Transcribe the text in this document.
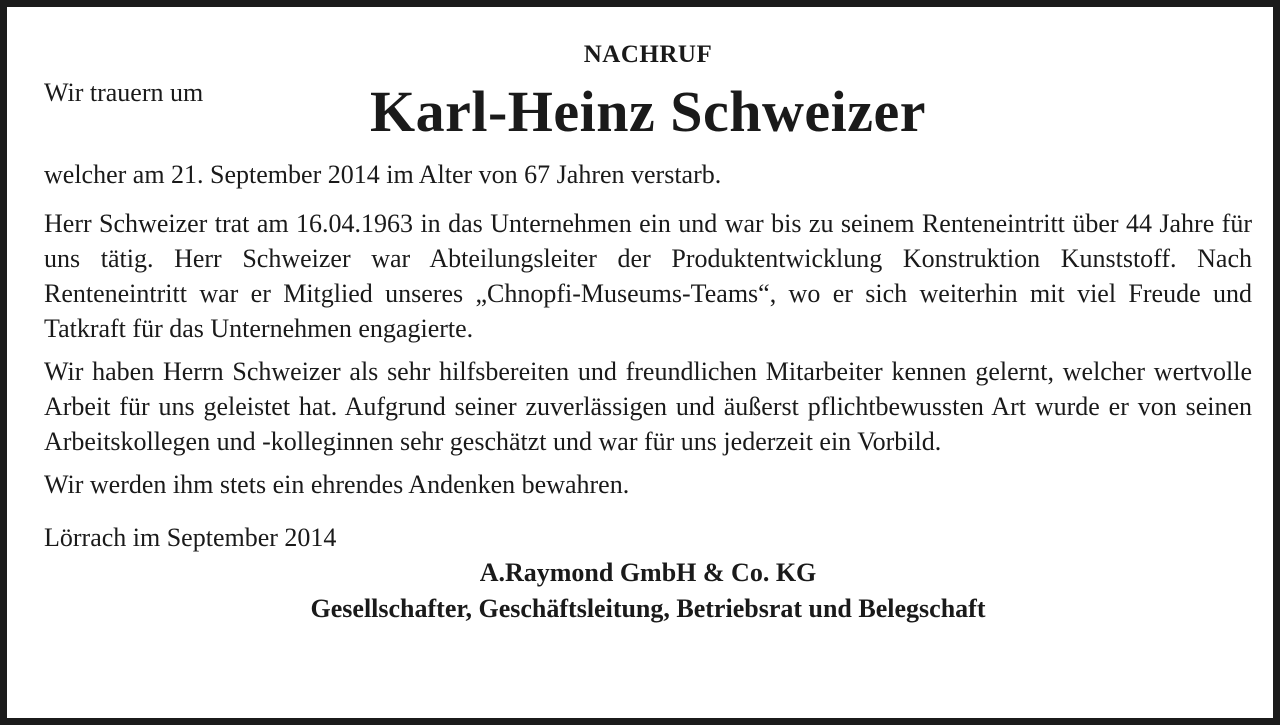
NACHRUF
Wir trauern um	Karl-Heinz Schweizer

welcher am 21. September 2014 im Alter von 67 Jahren verstarb.

Herr Schweizer trat am 16.04.1963 in das Unternehmen ein und war bis zu seinem Renteneintritt über 44 Jahre für uns tätig. Herr Schweizer war Abteilungsleiter der Produktentwicklung Konstruktion Kunststoff. Nach Renteneintritt war er Mitglied unseres „Chnopfi-Museums-Teams“, wo er sich weiterhin mit viel Freude und Tatkraft für das Unternehmen engagierte.

Wir haben Herrn Schweizer als sehr hilfsbereiten und freundlichen Mitarbeiter kennen gelernt, welcher wertvolle Arbeit für uns geleistet hat. Aufgrund seiner zuverlässigen und äußerst pflichtbewussten Art wurde er von seinen Arbeitskollegen und -kolleginnen sehr geschätzt und war für uns jederzeit ein Vorbild.

Wir werden ihm stets ein ehrendes Andenken bewahren.

Lörrach im September 2014

A.Raymond GmbH & Co. KG

Gesellschafter, Geschäftsleitung, Betriebsrat und Belegschaft
